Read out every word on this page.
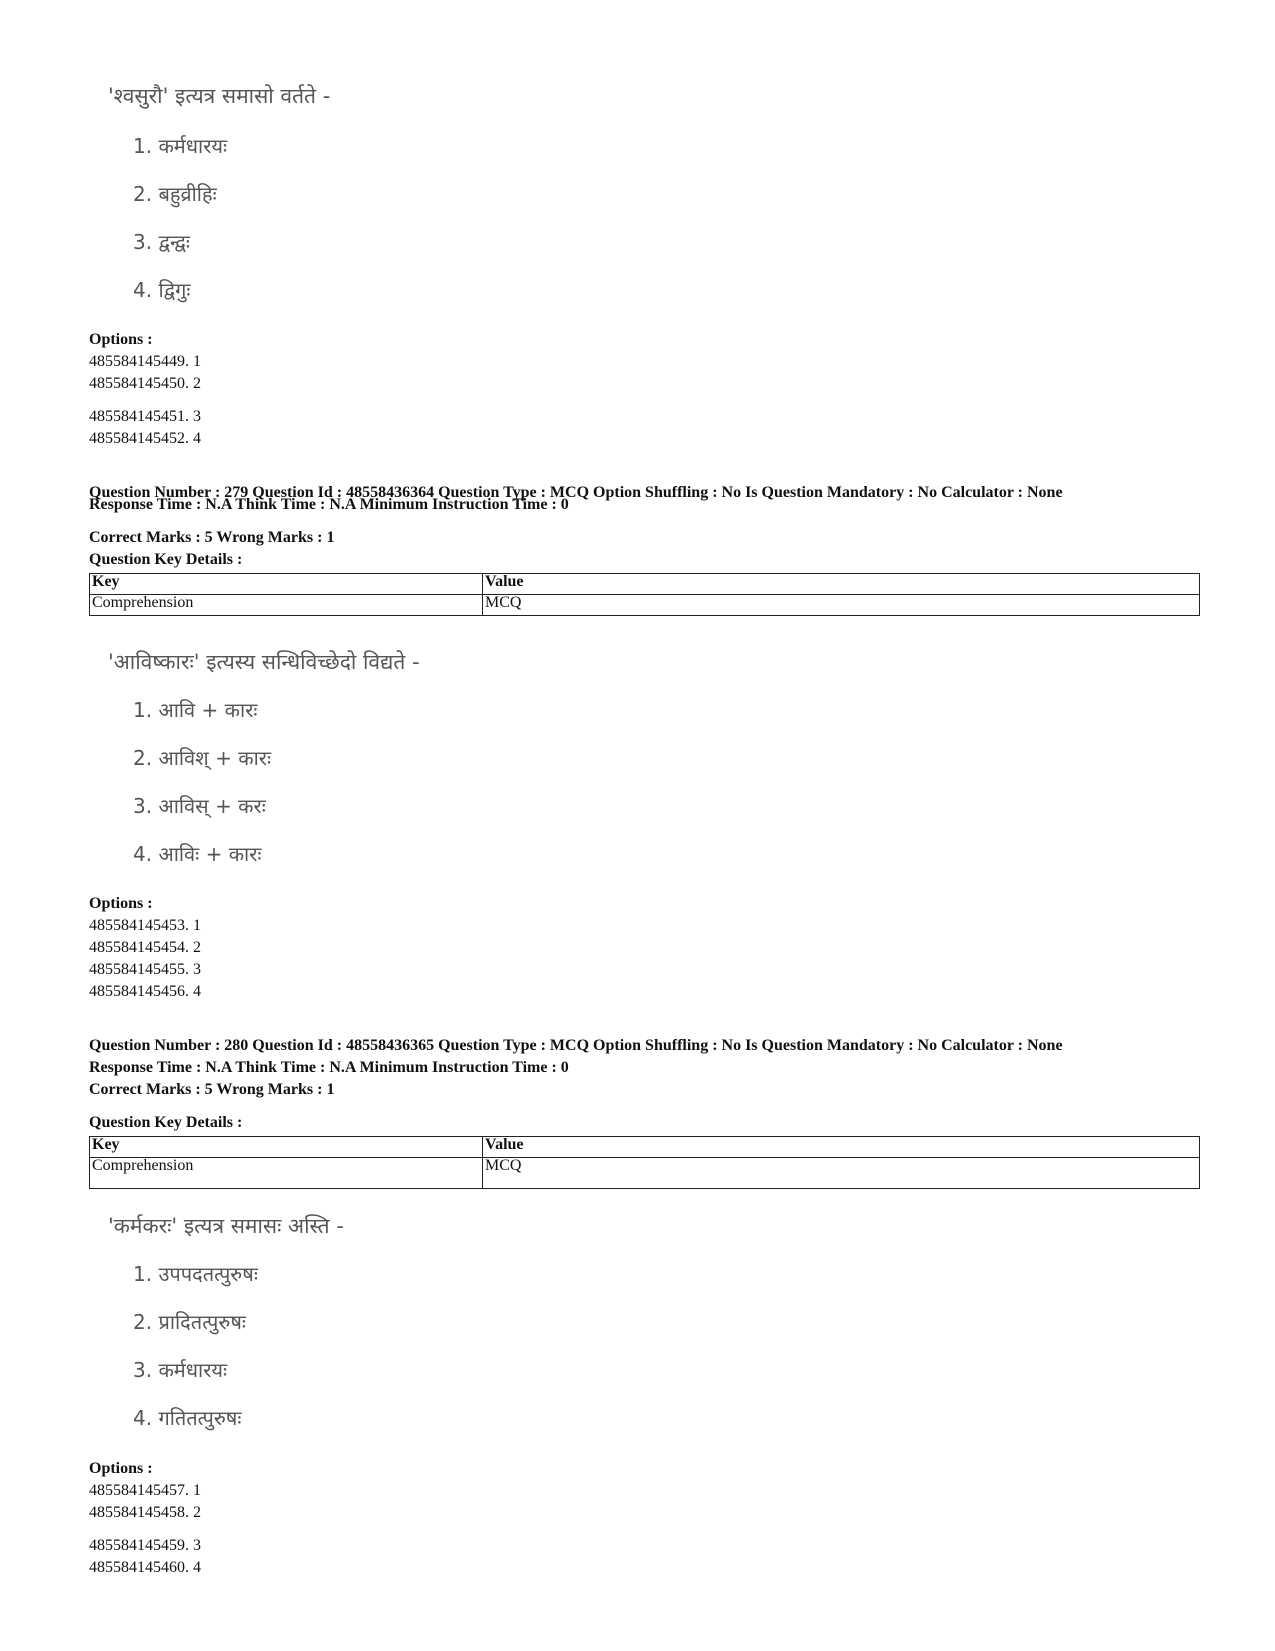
'श्वसुरौ' इत्यत्र समासो वर्तते -
1. कर्मधारयः
2. बहुव्रीहिः
3. द्वन्द्वः
4. द्विगुः
Options :
485584145449. 1
485584145450. 2
485584145451. 3
485584145452. 4
Question Number : 279 Question Id : 48558436364 Question Type : MCQ Option Shuffling : No Is Question Mandatory : No Calculator : None
Response Time : N.A Think Time : N.A Minimum Instruction Time : 0
Correct Marks : 5 Wrong Marks : 1
Question Key Details :
Key	Value
Comprehension	MCQ
'आविष्कारः' इत्यस्य सन्धिविच्छेदो विद्यते -
1. आवि + कारः
2. आविश् + कारः
3. आविस् + करः
4. आविः + कारः
Options :
485584145453. 1
485584145454. 2
485584145455. 3
485584145456. 4
Question Number : 280 Question Id : 48558436365 Question Type : MCQ Option Shuffling : No Is Question Mandatory : No Calculator : None
Response Time : N.A Think Time : N.A Minimum Instruction Time : 0
Correct Marks : 5 Wrong Marks : 1
Question Key Details :
Key	Value
Comprehension	MCQ
'कर्मकरः' इत्यत्र समासः अस्ति -
1. उपपदतत्पुरुषः
2. प्रादितत्पुरुषः
3. कर्मधारयः
4. गतितत्पुरुषः
Options :
485584145457. 1
485584145458. 2
485584145459. 3
485584145460. 4
